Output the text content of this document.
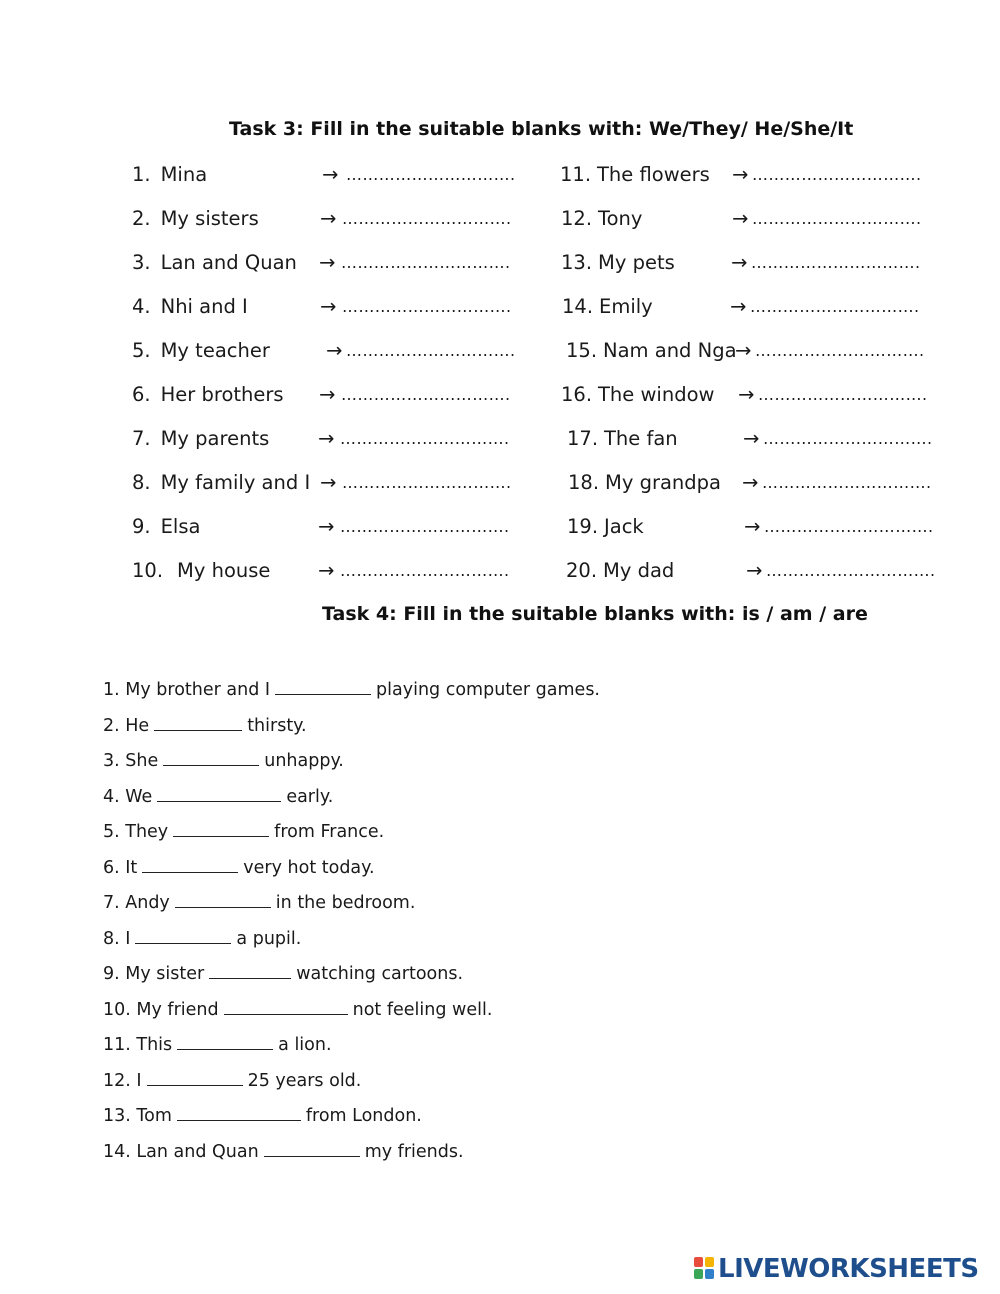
Task 3: Fill in the suitable blanks with: We/They/ He/She/It
1. Mina	→ ………………………….
2. My sisters	→ ………………………….
3. Lan and Quan → ………………………….
4. Nhi and I	→ ………………………….
5. My teacher	→ ………………………….
6. Her brothers → ………………………….
7. My parents	→ ………………………….
8. My family and I → ………………………….
9. Elsa	→ ………………………….
10. My house → ………………………….
11. The flowers → ………………………….
12. Tony	→ ………………………….
13. My pets	→ ………………………….
14. Emily	→ ………………………….
15. Nam and Nga
→ ………………………….
16. The window → ………………………….
17. The fan	→ ………………………….
18. My grandpa → ………………………….
19. Jack	→ ………………………….
20. My dad	→ ………………………….
Task 4: Fill in the suitable blanks with: is / am / are
1. My brother and I	playing computer games.
2. He	thirsty.
3. She	unhappy.
4. We	early.
5. They	from France.
6. It	very hot today.
7. Andy	in the bedroom.
8. I	a pupil.
9. My sister	watching cartoons.
10. My friend	not feeling well.
11. This	a lion.
12. I	25 years old.
13. Tom	from London.
14. Lan and Quan	my friends.
LIVEWORKSHEETS
